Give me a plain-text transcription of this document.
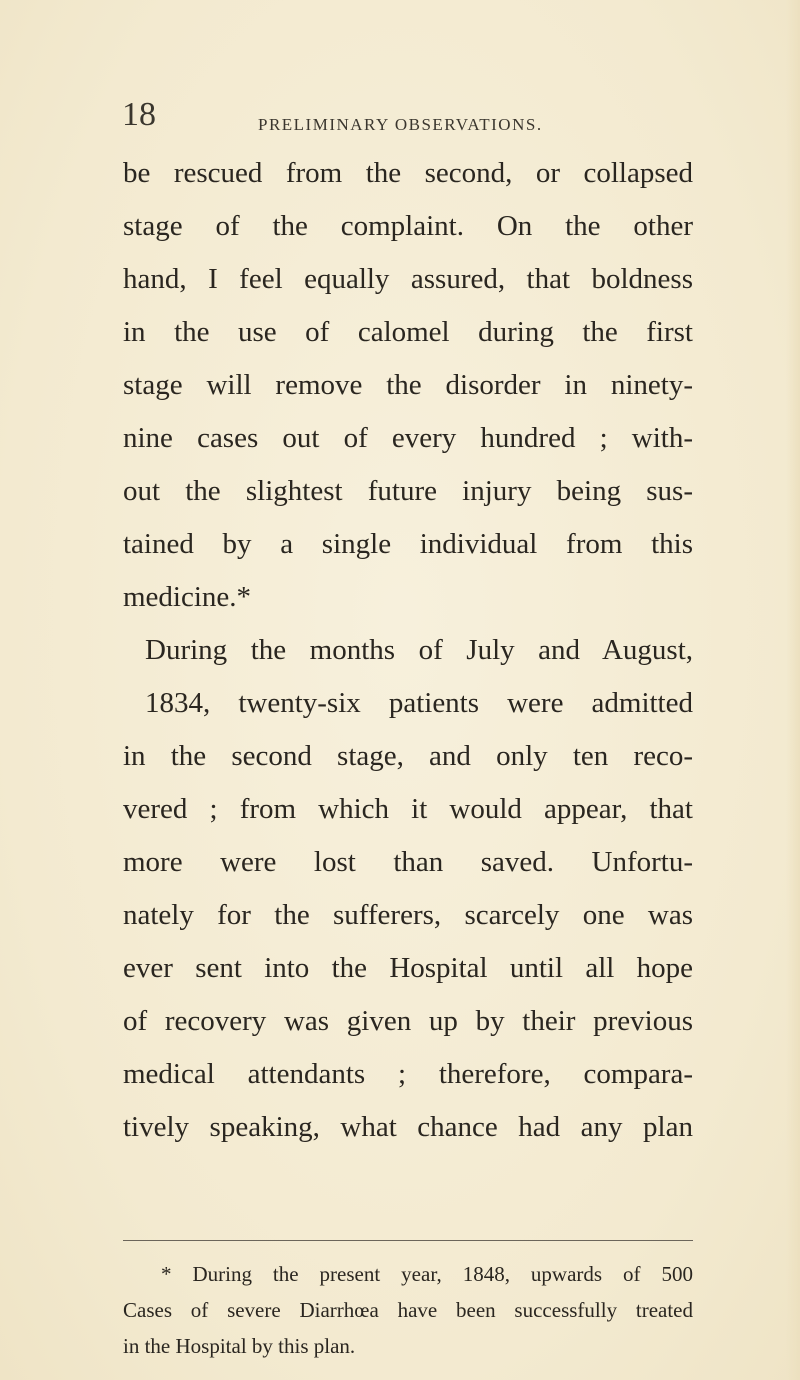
18	PRELIMINARY OBSERVATIONS.
be rescued from the second, or collapsed
stage of the complaint. On the other
hand, I feel equally assured, that boldness
in the use of calomel during the first
stage will remove the disorder in ninety-
nine cases out of every hundred ; with-
out the slightest future injury being sus-
tained by a single individual from this
medicine.*
During the months of July and August,
1834, twenty-six patients were admitted
in the second stage, and only ten reco-
vered ; from which it would appear, that
more were lost than saved. Unfortu-
nately for the sufferers, scarcely one was
ever sent into the Hospital until all hope
of recovery was given up by their previous
medical attendants ; therefore, compara-
tively speaking, what chance had any plan
* During the present year, 1848, upwards of 500
Cases of severe Diarrhœa have been successfully treated
in the Hospital by this plan.
